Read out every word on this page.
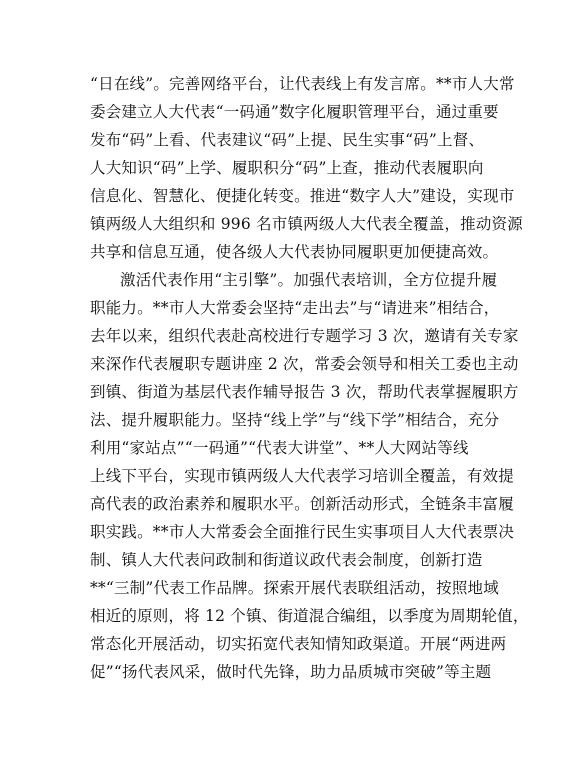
“日在线”。完善网络平台，让代表线上有发言席。**市人大常
委会建立人大代表“一码通”数字化履职管理平台，通过重要
发布“码”上看、代表建议“码”上提、民生实事“码”上督、
人大知识“码”上学、履职积分“码”上查，推动代表履职向
信息化、智慧化、便捷化转变。推进“数字人大”建设，实现市
镇两级人大组织和 996 名市镇两级人大代表全覆盖，推动资源
共享和信息互通，使各级人大代表协同履职更加便捷高效。
激活代表作用“主引擎”。加强代表培训，全方位提升履
职能力。**市人大常委会坚持“走出去”与“请进来”相结合，
去年以来，组织代表赴高校进行专题学习 3 次，邀请有关专家
来深作代表履职专题讲座 2 次，常委会领导和相关工委也主动
到镇、街道为基层代表作辅导报告 3 次，帮助代表掌握履职方
法、提升履职能力。坚持“线上学”与“线下学”相结合，充分
利用“家站点”“一码通”“代表大讲堂”、**人大网站等线
上线下平台，实现市镇两级人大代表学习培训全覆盖，有效提
高代表的政治素养和履职水平。创新活动形式，全链条丰富履
职实践。**市人大常委会全面推行民生实事项目人大代表票决
制、镇人大代表问政制和街道议政代表会制度，创新打造
**“三制”代表工作品牌。探索开展代表联组活动，按照地域
相近的原则，将 12 个镇、街道混合编组，以季度为周期轮值，
常态化开展活动，切实拓宽代表知情知政渠道。开展“两进两
促”“扬代表风采，做时代先锋，助力品质城市突破”等主题
